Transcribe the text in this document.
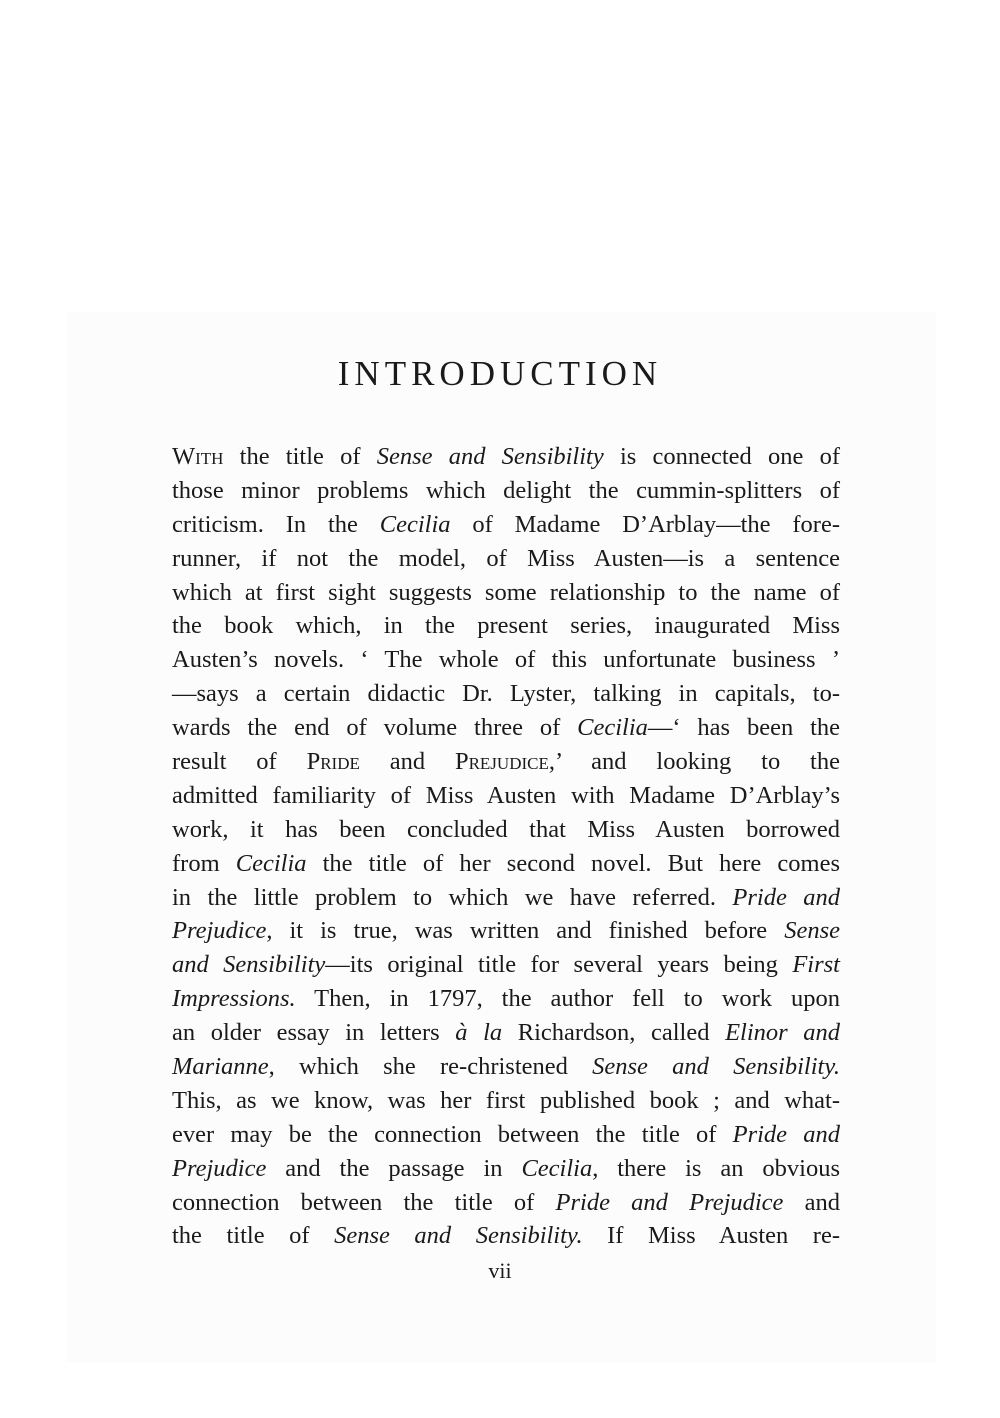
INTRODUCTION
With the title of Sense and Sensibility is connected one of
those minor problems which delight the cummin-splitters of
criticism. In the Cecilia of Madame D’Arblay—the fore-
runner, if not the model, of Miss Austen—is a sentence
which at first sight suggests some relationship to the name of
the book which, in the present series, inaugurated Miss
Austen’s novels. ‘ The whole of this unfortunate business ’
—says a certain didactic Dr. Lyster, talking in capitals, to-
wards the end of volume three of Cecilia—‘ has been the
result of Pride and Prejudice,’ and looking to the
admitted familiarity of Miss Austen with Madame D’Arblay’s
work, it has been concluded that Miss Austen borrowed
from Cecilia the title of her second novel. But here comes
in the little problem to which we have referred. Pride and
Prejudice, it is true, was written and finished before Sense
and Sensibility—its original title for several years being First
Impressions. Then, in 1797, the author fell to work upon
an older essay in letters à la Richardson, called Elinor and
Marianne, which she re-christened Sense and Sensibility.
This, as we know, was her first published book ; and what-
ever may be the connection between the title of Pride and
Prejudice and the passage in Cecilia, there is an obvious
connection between the title of Pride and Prejudice and
the title of Sense and Sensibility. If Miss Austen re-
vii
